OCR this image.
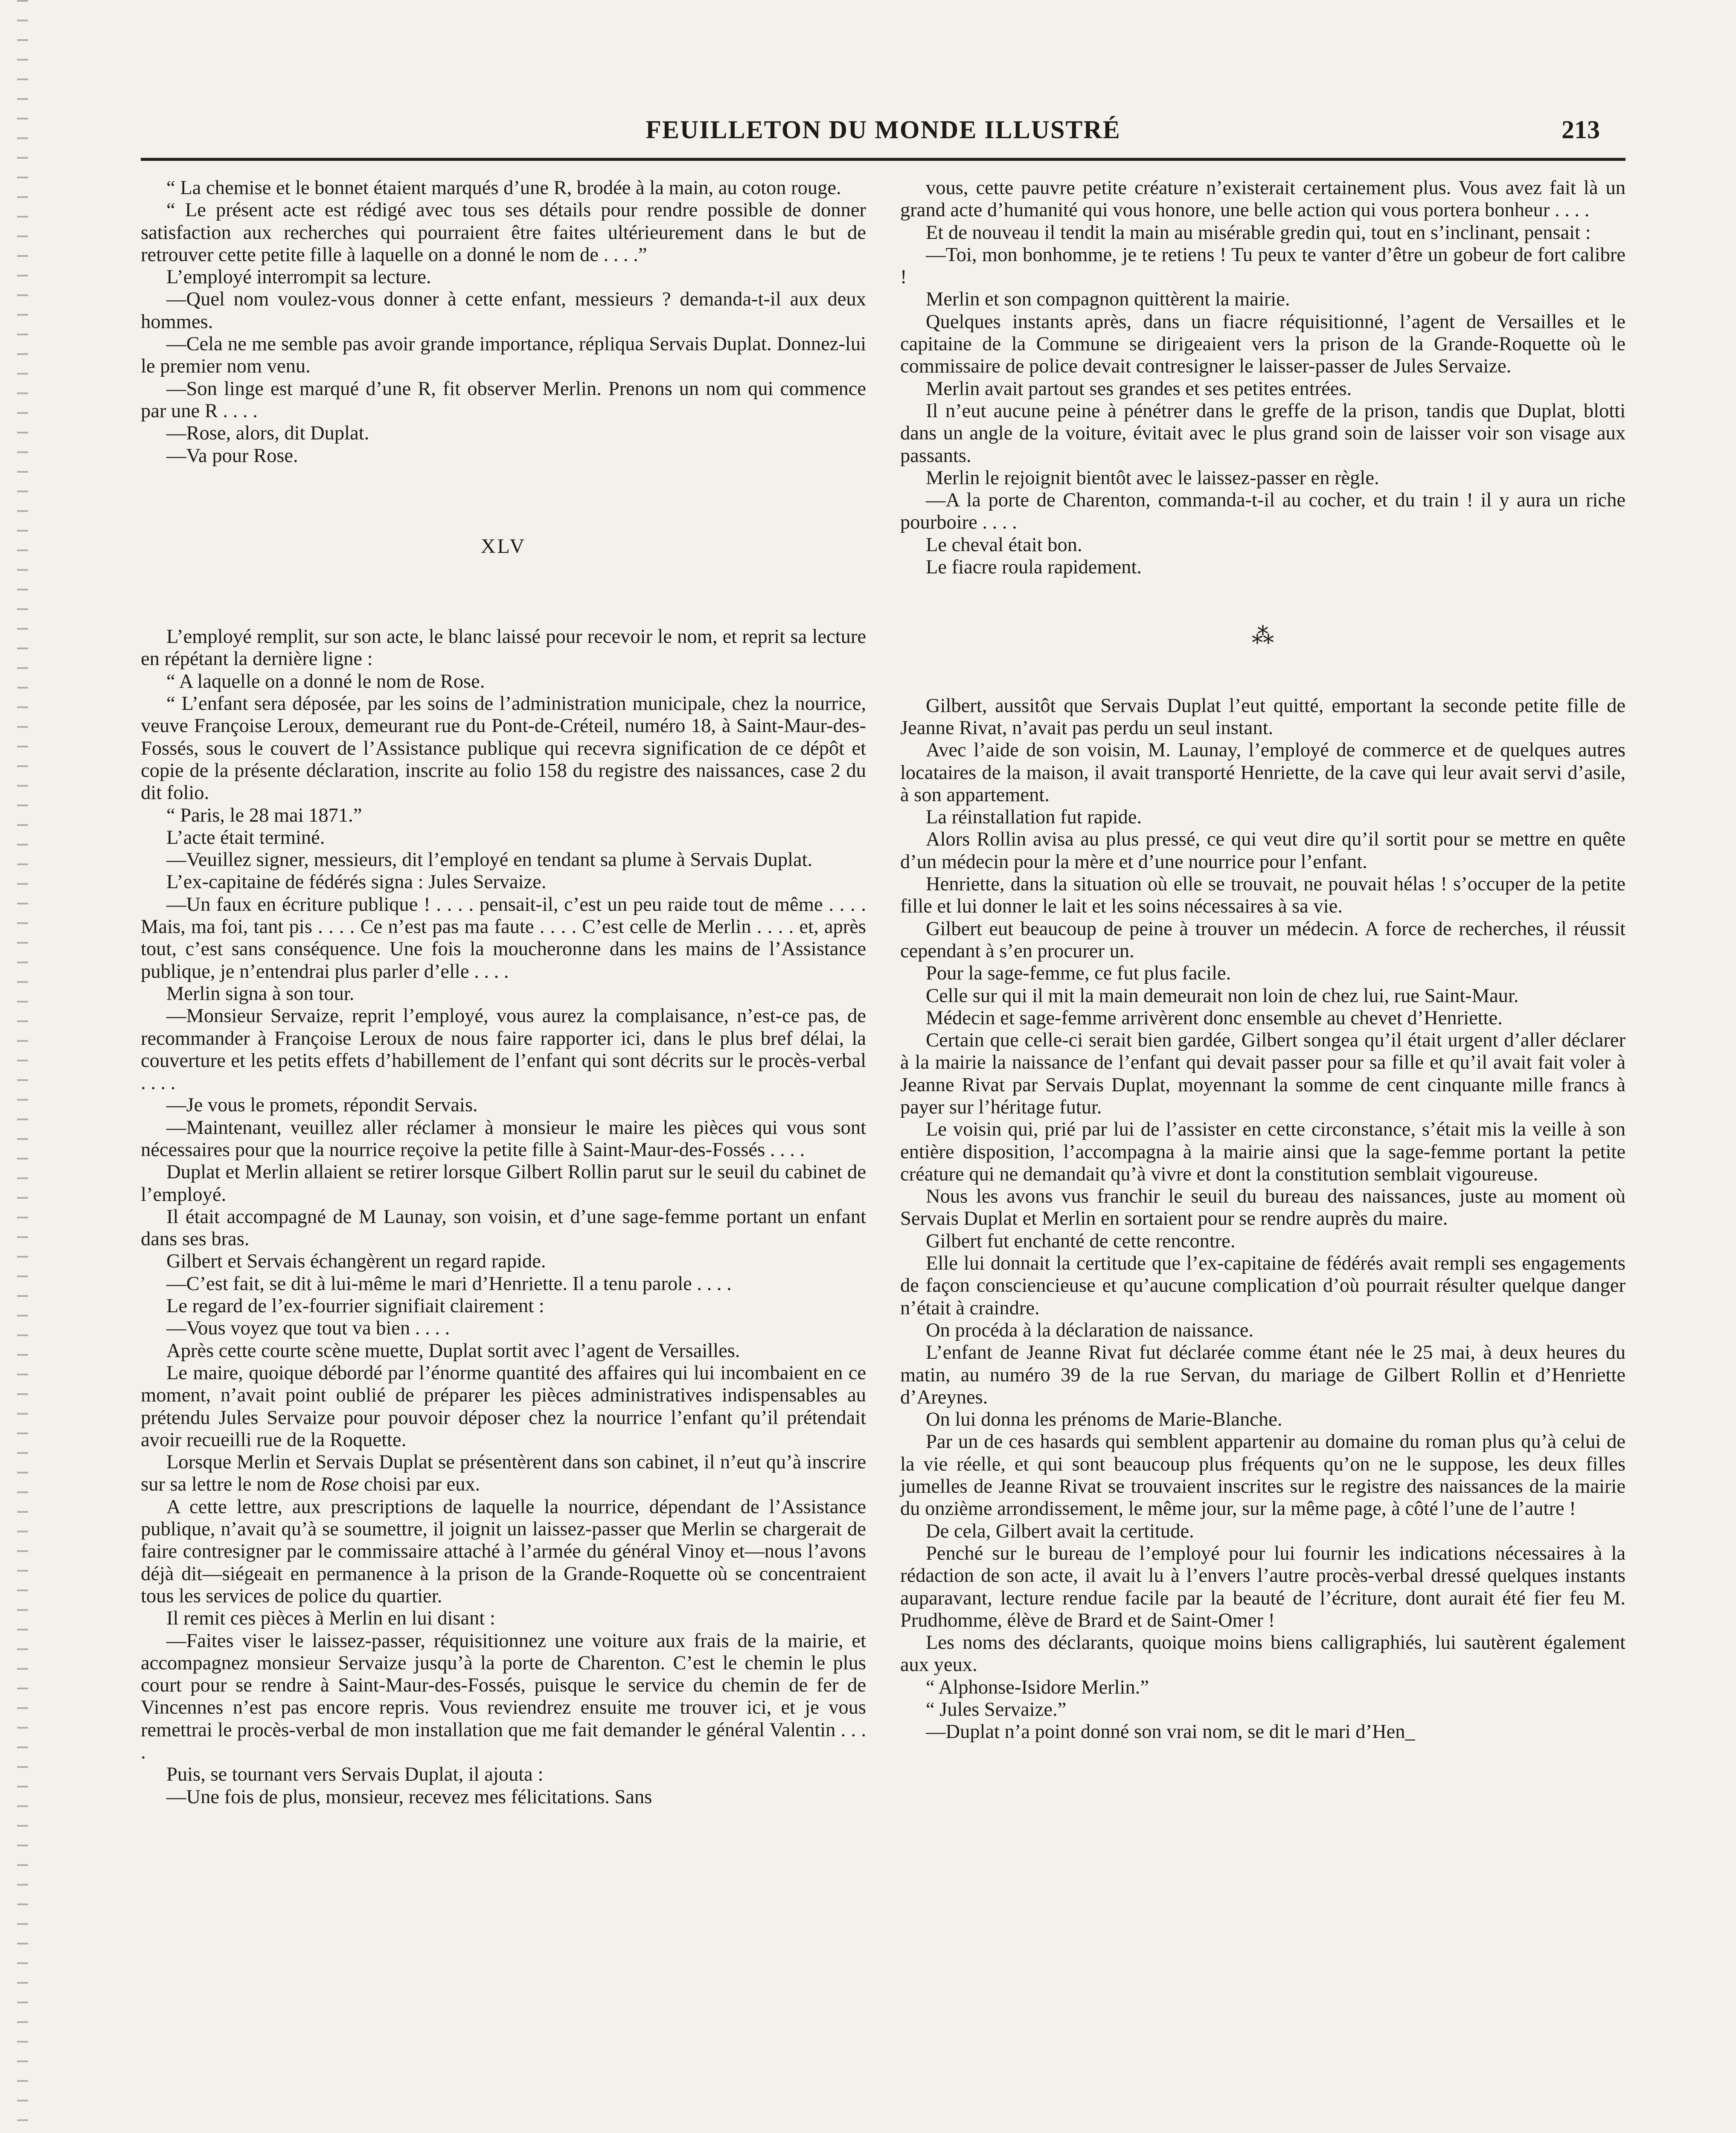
FEUILLETON DU MONDE ILLUSTRÉ	213

“ La chemise et le bonnet étaient marqués d’une R, brodée à la main, au coton rouge.

“ Le présent acte est rédigé avec tous ses détails pour rendre possible de donner satisfaction aux recherches qui pourraient être faites ultérieurement dans le but de retrouver cette petite fille à laquelle on a donné le nom de . . . .”

L’employé interrompit sa lecture.

—Quel nom voulez-vous donner à cette enfant, messieurs ? demanda-t-il aux deux hommes.

—Cela ne me semble pas avoir grande importance, répliqua Servais Duplat. Donnez-lui le premier nom venu.

—Son linge est marqué d’une R, fit observer Merlin. Prenons un nom qui commence par une R . . . .

—Rose, alors, dit Duplat.

—Va pour Rose.

XLV

L’employé remplit, sur son acte, le blanc laissé pour recevoir le nom, et reprit sa lecture en répétant la dernière ligne :

“ A laquelle on a donné le nom de Rose.

“ L’enfant sera déposée, par les soins de l’administration municipale, chez la nourrice, veuve Françoise Leroux, demeurant rue du Pont-de-Créteil, numéro 18, à Saint-Maur-des-Fossés, sous le couvert de l’Assistance publique qui recevra signification de ce dépôt et copie de la présente déclaration, inscrite au folio 158 du registre des naissances, case 2 du dit folio.

“ Paris, le 28 mai 1871.”

L’acte était terminé.

—Veuillez signer, messieurs, dit l’employé en tendant sa plume à Servais Duplat.

L’ex-capitaine de fédérés signa : Jules Servaize.

—Un faux en écriture publique ! . . . . pensait-il, c’est un peu raide tout de même . . . . Mais, ma foi, tant pis . . . . Ce n’est pas ma faute . . . . C’est celle de Merlin . . . . et, après tout, c’est sans conséquence. Une fois la moucheronne dans les mains de l’Assistance publique, je n’entendrai plus parler d’elle . . . .

Merlin signa à son tour.

—Monsieur Servaize, reprit l’employé, vous aurez la complaisance, n’est-ce pas, de recommander à Françoise Leroux de nous faire rapporter ici, dans le plus bref délai, la couverture et les petits effets d’habillement de l’enfant qui sont décrits sur le procès-verbal . . . .

—Je vous le promets, répondit Servais.

—Maintenant, veuillez aller réclamer à monsieur le maire les pièces qui vous sont nécessaires pour que la nourrice reçoive la petite fille à Saint-Maur-des-Fossés . . . .

Duplat et Merlin allaient se retirer lorsque Gilbert Rollin parut sur le seuil du cabinet de l’employé.

Il était accompagné de M Launay, son voisin, et d’une sage-femme portant un enfant dans ses bras.

Gilbert et Servais échangèrent un regard rapide.

—C’est fait, se dit à lui-même le mari d’Henriette. Il a tenu parole . . . .

Le regard de l’ex-fourrier signifiait clairement :

—Vous voyez que tout va bien . . . .

Après cette courte scène muette, Duplat sortit avec l’agent de Versailles.

Le maire, quoique débordé par l’énorme quantité des affaires qui lui incombaient en ce moment, n’avait point oublié de préparer les pièces administratives indispensables au prétendu Jules Servaize pour pouvoir déposer chez la nourrice l’enfant qu’il prétendait avoir recueilli rue de la Roquette.

Lorsque Merlin et Servais Duplat se présentèrent dans son cabinet, il n’eut qu’à inscrire sur sa lettre le nom de Rose choisi par eux.

A cette lettre, aux prescriptions de laquelle la nourrice, dépendant de l’Assistance publique, n’avait qu’à se soumettre, il joignit un laissez-passer que Merlin se chargerait de faire contresigner par le commissaire attaché à l’armée du général Vinoy et—nous l’avons déjà dit—siégeait en permanence à la prison de la Grande-Roquette où se concentraient tous les services de police du quartier.

Il remit ces pièces à Merlin en lui disant :

—Faites viser le laissez-passer, réquisitionnez une voiture aux frais de la mairie, et accompagnez monsieur Servaize jusqu’à la porte de Charenton. C’est le chemin le plus court pour se rendre à Saint-Maur-des-Fossés, puisque le service du chemin de fer de Vincennes n’est pas encore repris. Vous reviendrez ensuite me trouver ici, et je vous remettrai le procès-verbal de mon installation que me fait demander le général Valentin . . . .

Puis, se tournant vers Servais Duplat, il ajouta :

—Une fois de plus, monsieur, recevez mes félicitations. Sans

vous, cette pauvre petite créature n’existerait certainement plus. Vous avez fait là un grand acte d’humanité qui vous honore, une belle action qui vous portera bonheur . . . .

Et de nouveau il tendit la main au misérable gredin qui, tout en s’inclinant, pensait :

—Toi, mon bonhomme, je te retiens ! Tu peux te vanter d’être un gobeur de fort calibre !

Merlin et son compagnon quittèrent la mairie.

Quelques instants après, dans un fiacre réquisitionné, l’agent de Versailles et le capitaine de la Commune se dirigeaient vers la prison de la Grande-Roquette où le commissaire de police devait contresigner le laisser-passer de Jules Servaize.

Merlin avait partout ses grandes et ses petites entrées.

Il n’eut aucune peine à pénétrer dans le greffe de la prison, tandis que Duplat, blotti dans un angle de la voiture, évitait avec le plus grand soin de laisser voir son visage aux passants.

Merlin le rejoignit bientôt avec le laissez-passer en règle.

—A la porte de Charenton, commanda-t-il au cocher, et du train ! il y aura un riche pourboire . . . .

Le cheval était bon.

Le fiacre roula rapidement.

⁂

Gilbert, aussitôt que Servais Duplat l’eut quitté, emportant la seconde petite fille de Jeanne Rivat, n’avait pas perdu un seul instant.

Avec l’aide de son voisin, M. Launay, l’employé de commerce et de quelques autres locataires de la maison, il avait transporté Henriette, de la cave qui leur avait servi d’asile, à son appartement.

La réinstallation fut rapide.

Alors Rollin avisa au plus pressé, ce qui veut dire qu’il sortit pour se mettre en quête d’un médecin pour la mère et d’une nourrice pour l’enfant.

Henriette, dans la situation où elle se trouvait, ne pouvait hélas ! s’occuper de la petite fille et lui donner le lait et les soins nécessaires à sa vie.

Gilbert eut beaucoup de peine à trouver un médecin. A force de recherches, il réussit cependant à s’en procurer un.

Pour la sage-femme, ce fut plus facile.

Celle sur qui il mit la main demeurait non loin de chez lui, rue Saint-Maur.

Médecin et sage-femme arrivèrent donc ensemble au chevet d’Henriette.

Certain que celle-ci serait bien gardée, Gilbert songea qu’il était urgent d’aller déclarer à la mairie la naissance de l’enfant qui devait passer pour sa fille et qu’il avait fait voler à Jeanne Rivat par Servais Duplat, moyennant la somme de cent cinquante mille francs à payer sur l’héritage futur.

Le voisin qui, prié par lui de l’assister en cette circonstance, s’était mis la veille à son entière disposition, l’accompagna à la mairie ainsi que la sage-femme portant la petite créature qui ne demandait qu’à vivre et dont la constitution semblait vigoureuse.

Nous les avons vus franchir le seuil du bureau des naissances, juste au moment où Servais Duplat et Merlin en sortaient pour se rendre auprès du maire.

Gilbert fut enchanté de cette rencontre.

Elle lui donnait la certitude que l’ex-capitaine de fédérés avait rempli ses engagements de façon consciencieuse et qu’aucune complication d’où pourrait résulter quelque danger n’était à craindre.

On procéda à la déclaration de naissance.

L’enfant de Jeanne Rivat fut déclarée comme étant née le 25 mai, à deux heures du matin, au numéro 39 de la rue Servan, du mariage de Gilbert Rollin et d’Henriette d’Areynes.

On lui donna les prénoms de Marie-Blanche.

Par un de ces hasards qui semblent appartenir au domaine du roman plus qu’à celui de la vie réelle, et qui sont beaucoup plus fréquents qu’on ne le suppose, les deux filles jumelles de Jeanne Rivat se trouvaient inscrites sur le registre des naissances de la mairie du onzième arrondissement, le même jour, sur la même page, à côté l’une de l’autre !

De cela, Gilbert avait la certitude.

Penché sur le bureau de l’employé pour lui fournir les indications nécessaires à la rédaction de son acte, il avait lu à l’envers l’autre procès-verbal dressé quelques instants auparavant, lecture rendue facile par la beauté de l’écriture, dont aurait été fier feu M. Prudhomme, élève de Brard et de Saint-Omer !

Les noms des déclarants, quoique moins biens calligraphiés, lui sautèrent également aux yeux.

“ Alphonse-Isidore Merlin.”

“ Jules Servaize.”

—Duplat n’a point donné son vrai nom, se dit le mari d’Hen_
